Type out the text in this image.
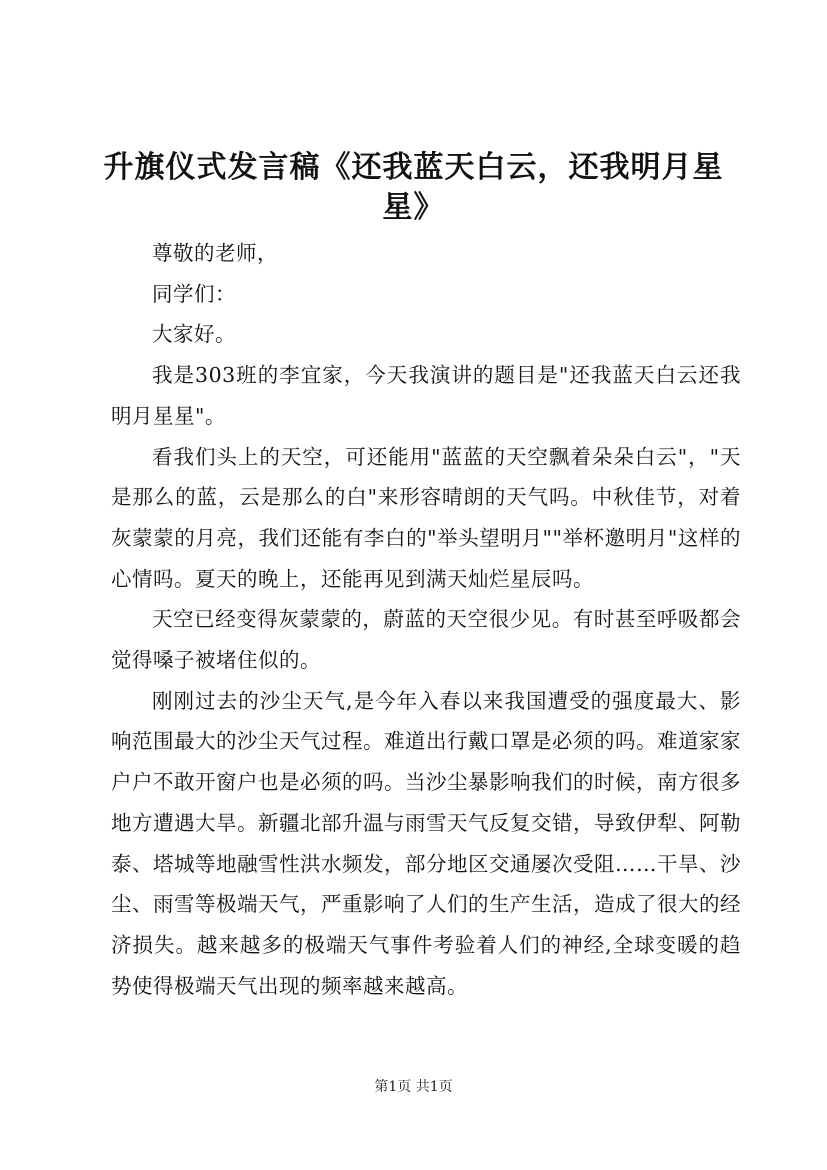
升旗仪式发言稿《还我蓝天白云，还我明月星星》

尊敬的老师，

同学们：

大家好。

我是303班的李宜家，今天我演讲的题目是"还我蓝天白云还我明月星星"。

看我们头上的天空，可还能用"蓝蓝的天空飘着朵朵白云"，"天是那么的蓝，云是那么的白"来形容晴朗的天气吗。中秋佳节，对着灰蒙蒙的月亮，我们还能有李白的"举头望明月""举杯邀明月"这样的心情吗。夏天的晚上，还能再见到满天灿烂星辰吗。

天空已经变得灰蒙蒙的，蔚蓝的天空很少见。有时甚至呼吸都会觉得嗓子被堵住似的。

刚刚过去的沙尘天气,是今年入春以来我国遭受的强度最大、影响范围最大的沙尘天气过程。难道出行戴口罩是必须的吗。难道家家户户不敢开窗户也是必须的吗。当沙尘暴影响我们的时候，南方很多地方遭遇大旱。新疆北部升温与雨雪天气反复交错，导致伊犁、阿勒泰、塔城等地融雪性洪水频发，部分地区交通屡次受阻……干旱、沙尘、雨雪等极端天气，严重影响了人们的生产生活，造成了很大的经济损失。越来越多的极端天气事件考验着人们的神经,全球变暖的趋势使得极端天气出现的频率越来越高。

第1页 共1页
